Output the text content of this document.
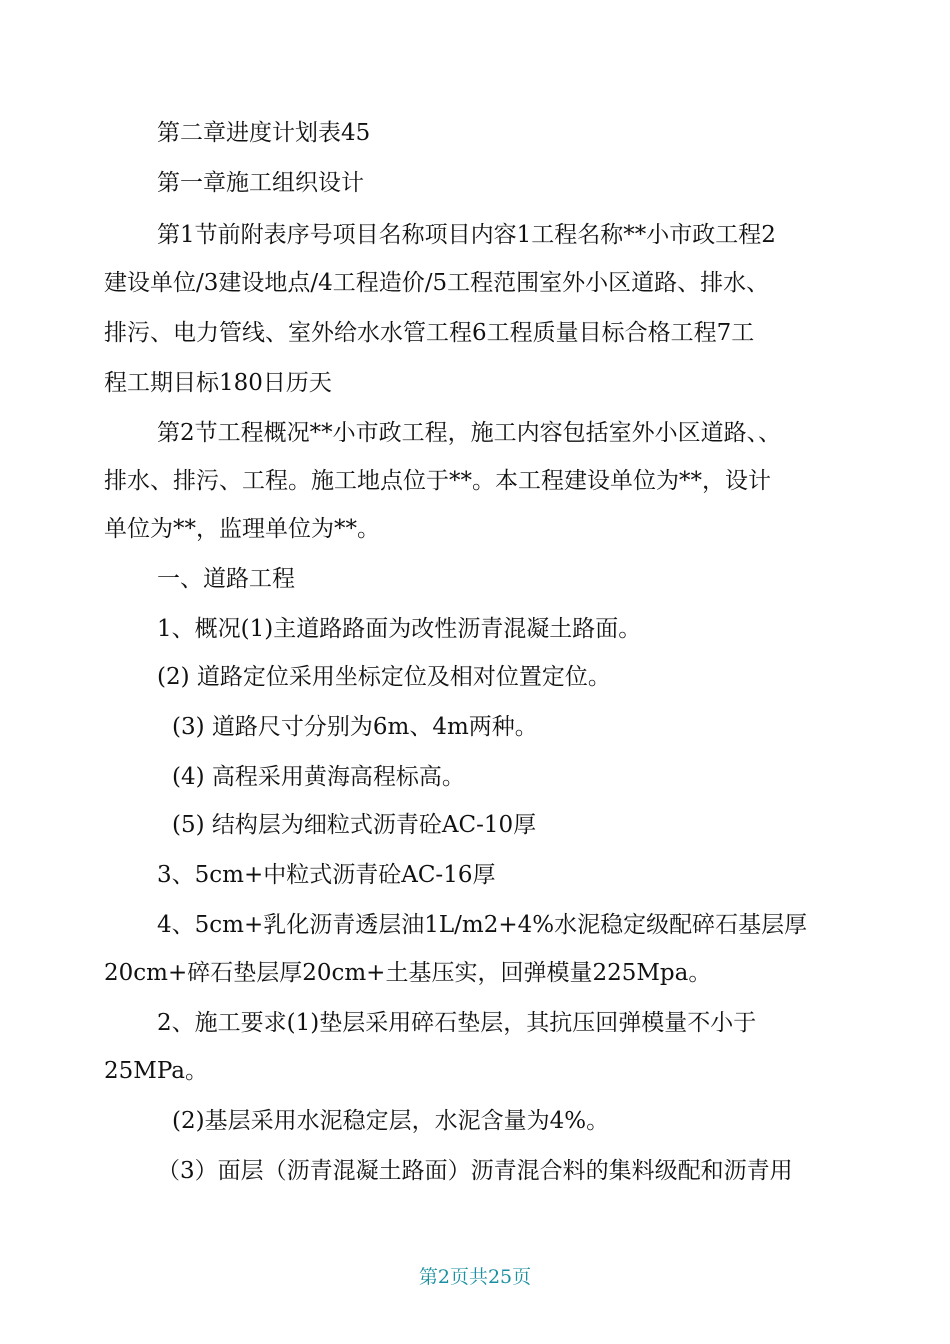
第二章进度计划表45
第一章施工组织设计
第1节前附表序号项目名称项目内容1工程名称**小市政工程2
建设单位/3建设地点/4工程造价/5工程范围室外小区道路、排水、
排污、电力管线、室外给水水管工程6工程质量目标合格工程7工
程工期目标180日历天
第2节工程概况**小市政工程，施工内容包括室外小区道路、、
排水、排污、工程。施工地点位于**。本工程建设单位为**，设计
单位为**，监理单位为**。
一、道路工程
1、概况(1)主道路路面为改性沥青混凝土路面。
(2) 道路定位采用坐标定位及相对位置定位。
(3) 道路尺寸分别为6m、4m两种。
(4) 高程采用黄海高程标高。
(5) 结构层为细粒式沥青砼AC-10厚
3、5cm+中粒式沥青砼AC-16厚
4、5cm+乳化沥青透层油1L/m2+4%水泥稳定级配碎石基层厚
20cm+碎石垫层厚20cm+土基压实，回弹模量225Mpa。
2、施工要求(1)垫层采用碎石垫层，其抗压回弹模量不小于
25MPa。
(2)基层采用水泥稳定层，水泥含量为4%。
（3）面层（沥青混凝土路面）沥青混合料的集料级配和沥青用
第2页共25页
